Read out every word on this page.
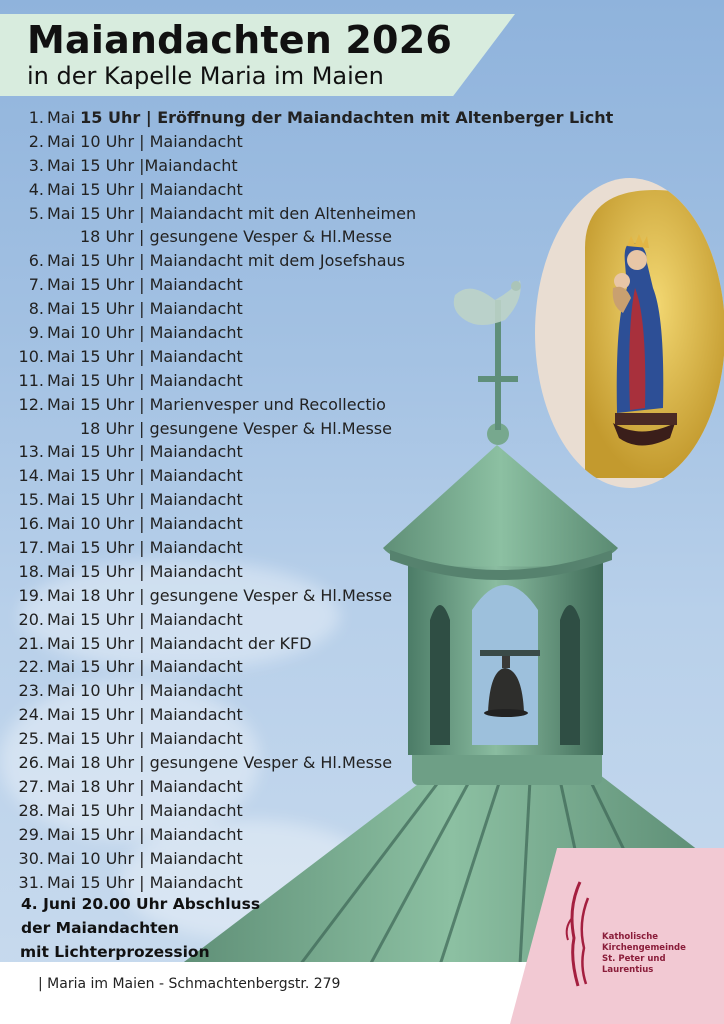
Maiandachten 2026
in der Kapelle Maria im Maien
1. Mai 15 Uhr | Eröffnung der Maiandachten mit Altenberger Licht
2. Mai 10 Uhr | Maiandacht
3. Mai 15 Uhr |Maiandacht
4. Mai 15 Uhr | Maiandacht
5. Mai 15 Uhr | Maiandacht mit den Altenheimen
18 Uhr | gesungene Vesper & Hl.Messe
6. Mai 15 Uhr | Maiandacht mit dem Josefshaus
7. Mai 15 Uhr | Maiandacht
8. Mai 15 Uhr | Maiandacht
9. Mai 10 Uhr | Maiandacht
10. Mai 15 Uhr | Maiandacht
11. Mai 15 Uhr | Maiandacht
12. Mai 15 Uhr | Marienvesper und Recollectio
18 Uhr | gesungene Vesper & Hl.Messe
13. Mai 15 Uhr | Maiandacht
14. Mai 15 Uhr | Maiandacht
15. Mai 15 Uhr | Maiandacht
16. Mai 10 Uhr | Maiandacht
17. Mai 15 Uhr | Maiandacht
18. Mai 15 Uhr | Maiandacht
19. Mai 18 Uhr | gesungene Vesper & Hl.Messe
20. Mai 15 Uhr | Maiandacht
21. Mai 15 Uhr | Maiandacht der KFD
22. Mai 15 Uhr | Maiandacht
23. Mai 10 Uhr | Maiandacht
24. Mai 15 Uhr | Maiandacht
25. Mai 15 Uhr | Maiandacht
26. Mai 18 Uhr | gesungene Vesper & Hl.Messe
27. Mai 18 Uhr | Maiandacht
28. Mai 15 Uhr | Maiandacht
29. Mai 15 Uhr | Maiandacht
30. Mai 10 Uhr | Maiandacht
31. Mai 15 Uhr | Maiandacht
4. Juni 20.00 Uhr Abschluss
der Maiandachten
mit Lichterprozession
| Maria im Maien - Schmachtenbergstr. 279
Katholische
Kirchengemeinde
St. Peter und
Laurentius
